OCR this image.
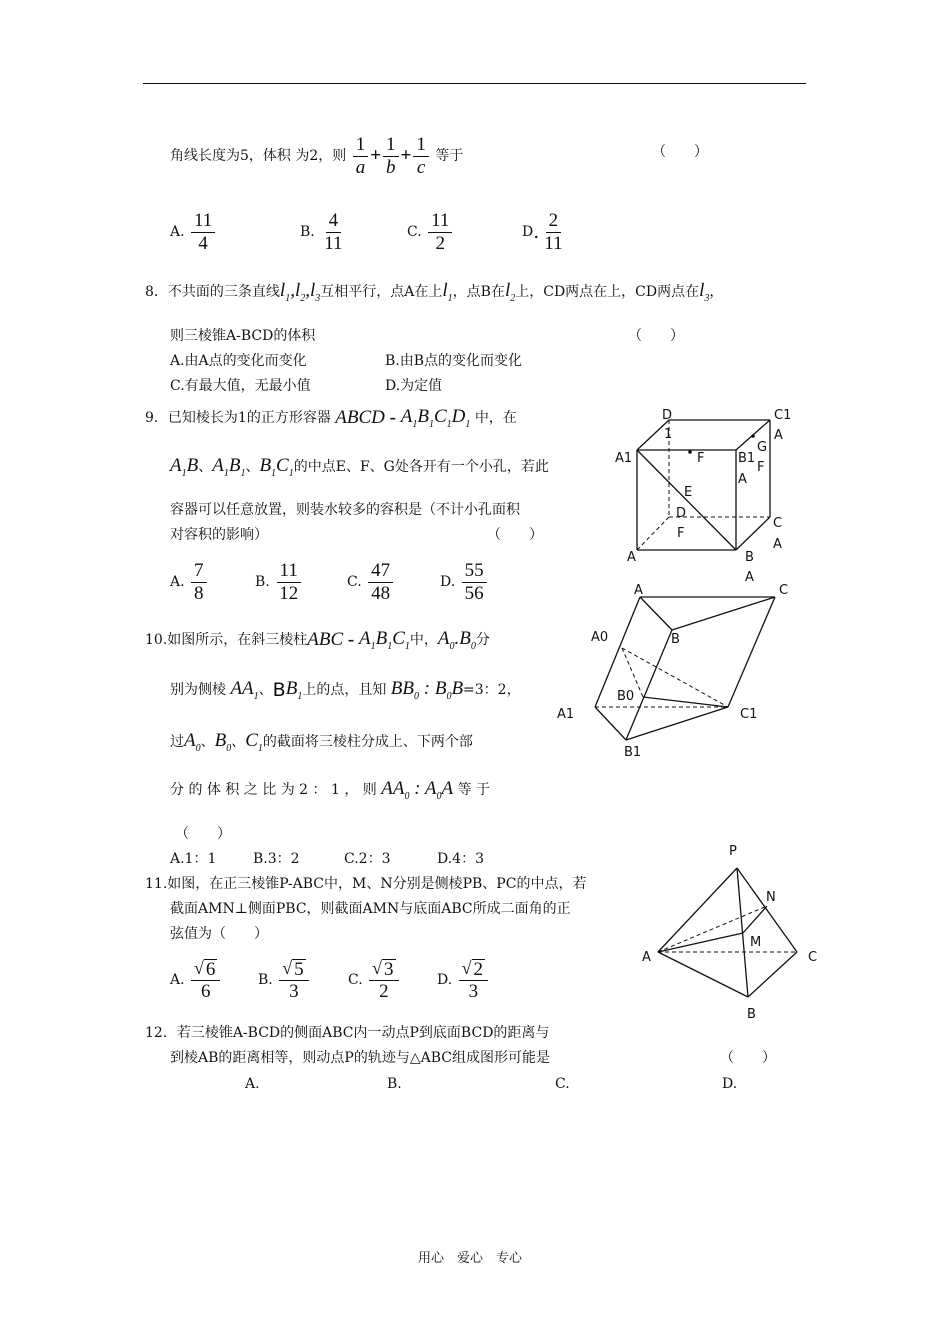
角线长度为5，体积 为2，则 $\frac{1}{a} + \frac{1}{b} + \frac{1}{c}$ 等于	（　　）
A. $\frac{11}{4}$	B. $\frac{4}{11}$	C. $\frac{11}{2}$	D. $\frac{2}{11}$
8．不共面的三条直线$l_1,l_2,l_3$互相平行，点A在上$l_1$，点B在$l_2$上，CD两点在上，CD两点在$l_3$，
则三棱锥A-BCD的体积	（　　）
A.由A点的变化而变化	B.由B点的变化而变化
C.有最大值，无最小值	D.为定值
9．已知棱长为1的正方形容器 ABCD - $A_1B_1C_1D_1$ 中，在
$A_1B$、$A_1B_1$、$B_1C_1$的中点E、F、G处各开有一个小孔，若此
容器可以任意放置，则装水较多的容积是（不计小孔面积
对容积的影响）	（　　）
A. $\frac{7}{8}$	B. $\frac{11}{12}$	C. $\frac{47}{48}$	D. $\frac{55}{56}$
D
1
C1
A
G
A1	F	B1
F
A
E
D
C
F
A
A	B
A
10.如图所示，在斜三棱柱ABC - $A_1B_1C_1$中，$A_0.B_0$分
别为侧棱 $AA_1$、$BB_1$上的点，且知 $BB_0$ : $B_0B=3$：2，
过$A_0$、$B_0$、$C_1$的截面将三棱柱分成上、下两个部
分 的 体 积 之 比 为 2 ： 1 ， 则 $AA_0$ : $A_0A$ 等 于
（　　）
A.1：1	B.3：2	C.2：3	D.4：3
A	C
A0	B
B0
A1	C1
B1
11.如图，在正三棱锥P-ABC中，M、N分别是侧棱PB、PC的中点，若
截面AMN⊥侧面PBC，则截面AMN与底面ABC所成二面角的正
弦值为（　　）
A. $\frac{√ 6}{6}$	B. $\frac{√ 5}{3}$	C. $\frac{√ 3}{2}$	D. $\frac{√ 2}{3}$
P
N
M
A	C
B
12．若三棱锥A-BCD的侧面ABC内一动点P到底面BCD的距离与
到棱AB的距离相等，则动点P的轨迹与△ABC组成图形可能是	（　　）
A.	B.	C.	D.
用心　爱心　专心
